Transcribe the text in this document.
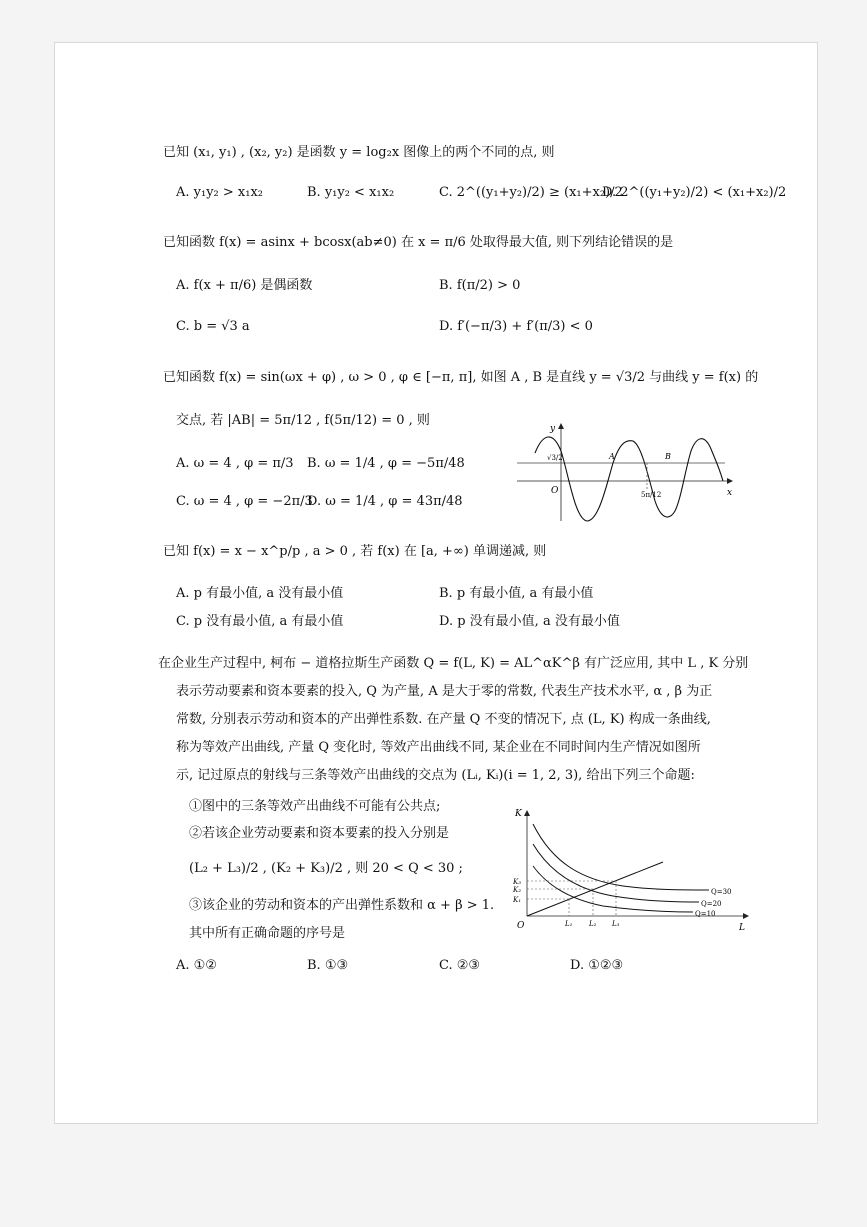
已知 (x₁, y₁) , (x₂, y₂) 是函数 y = log₂x 图像上的两个不同的点, 则
A. y₁y₂ > x₁x₂	B. y₁y₂ < x₁x₂	C. 2^((y₁+y₂)/2) ≥ (x₁+x₂)/2
D. 2^((y₁+y₂)/2) < (x₁+x₂)/2
已知函数 f(x) = asinx + bcosx(ab≠0) 在 x = π/6 处取得最大值, 则下列结论错误的是
A. f(x + π/6) 是偶函数	B. f(π/2) > 0
C. b = √3 a	D. f′(−π/3) + f′(π/3) < 0
已知函数 f(x) = sin(ωx + φ) , ω > 0 , φ ∈ [−π, π], 如图 A , B 是直线 y = √3/2 与曲线 y = f(x) 的
交点, 若 |AB| = 5π/12 , f(5π/12) = 0 , 则
A. ω = 4 , φ = π/3 B. ω = 1/4 , φ = −5π/48
C. ω = 4 , φ = −2π/3
D. ω = 1/4 , φ = 43π/48
x
y
O
√3/2	A	B
5π/12
已知 f(x) = x − x^p/p , a > 0 , 若 f(x) 在 [a, +∞) 单调递减, 则
A. p 有最小值, a 没有最小值	B. p 有最小值, a 有最小值
C. p 没有最小值, a 有最小值	D. p 没有最小值, a 没有最小值
在企业生产过程中, 柯布 − 道格拉斯生产函数 Q = f(L, K) = AL^αK^β 有广泛应用, 其中 L , K 分别
表示劳动要素和资本要素的投入, Q 为产量, A 是大于零的常数, 代表生产技术水平, α , β 为正
常数, 分别表示劳动和资本的产出弹性系数. 在产量 Q 不变的情况下, 点 (L, K) 构成一条曲线,
称为等效产出曲线, 产量 Q 变化时, 等效产出曲线不同, 某企业在不同时间内生产情况如图所
示, 记过原点的射线与三条等效产出曲线的交点为 (Lᵢ, Kᵢ)(i = 1, 2, 3), 给出下列三个命题:
①图中的三条等效产出曲线不可能有公共点;
②若该企业劳动要素和资本要素的投入分别是
(L₂ + L₃)/2 , (K₂ + K₃)/2 , 则 20 < Q < 30 ;
③该企业的劳动和资本的产出弹性系数和 α + β > 1.
其中所有正确命题的序号是
A. ①②	B. ①③	C. ②③	D. ①②③
K
L
O
Q=30
Q=20
Q=10
K₃
K₂
K₁
L₁ L₂ L₃
